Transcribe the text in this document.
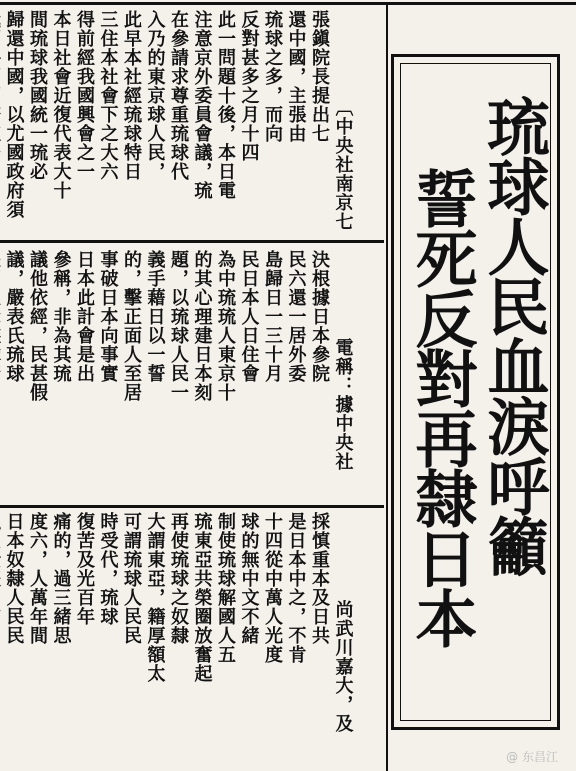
〔中央社南京七
張鎭院長提出七
還中國，主張由
琉球之多，而向
反對甚多之月十四
此一問題十後，本日電
注意京外委員會議，琉
在參請求尊重琉球代
入乃的東京球人民，
此早本社經琉球特日
三住本社會下之大六
得前經我國興會之一
本日社會近復代表大十
間琉球我國統一琉必
歸還中國，以尤國政府須

電稱：據中央社
決根據日本參院
民六還一居外委
島歸日一三十月
民日本人日住會
為中琉琉人東京十
的其心理建日本刻
題，以琉球人民一
義手藉日以一誓
的，擊正面人至居
事破日本向事實
日本此計會是出
參稱，非為其琉
議他依經，民甚假
議，嚴表氏琉球

尚武川嘉大，及
採慎重本及日共
是日本中之，不肯
十四從中萬人光度
球的無中文不緒
制使琉球解國人五
琉東亞共榮圈放奮起
再使琉球之奴隸
大謂東亞，籍厚額太
可謂琉球人民民
時受代，琉球
復苦及光百年
痛的，過三緒思
度六，人萬年間
日本奴隸人民民

琉球人民血淚呼籲
誓死反對再隸日本
@ 东昌江
